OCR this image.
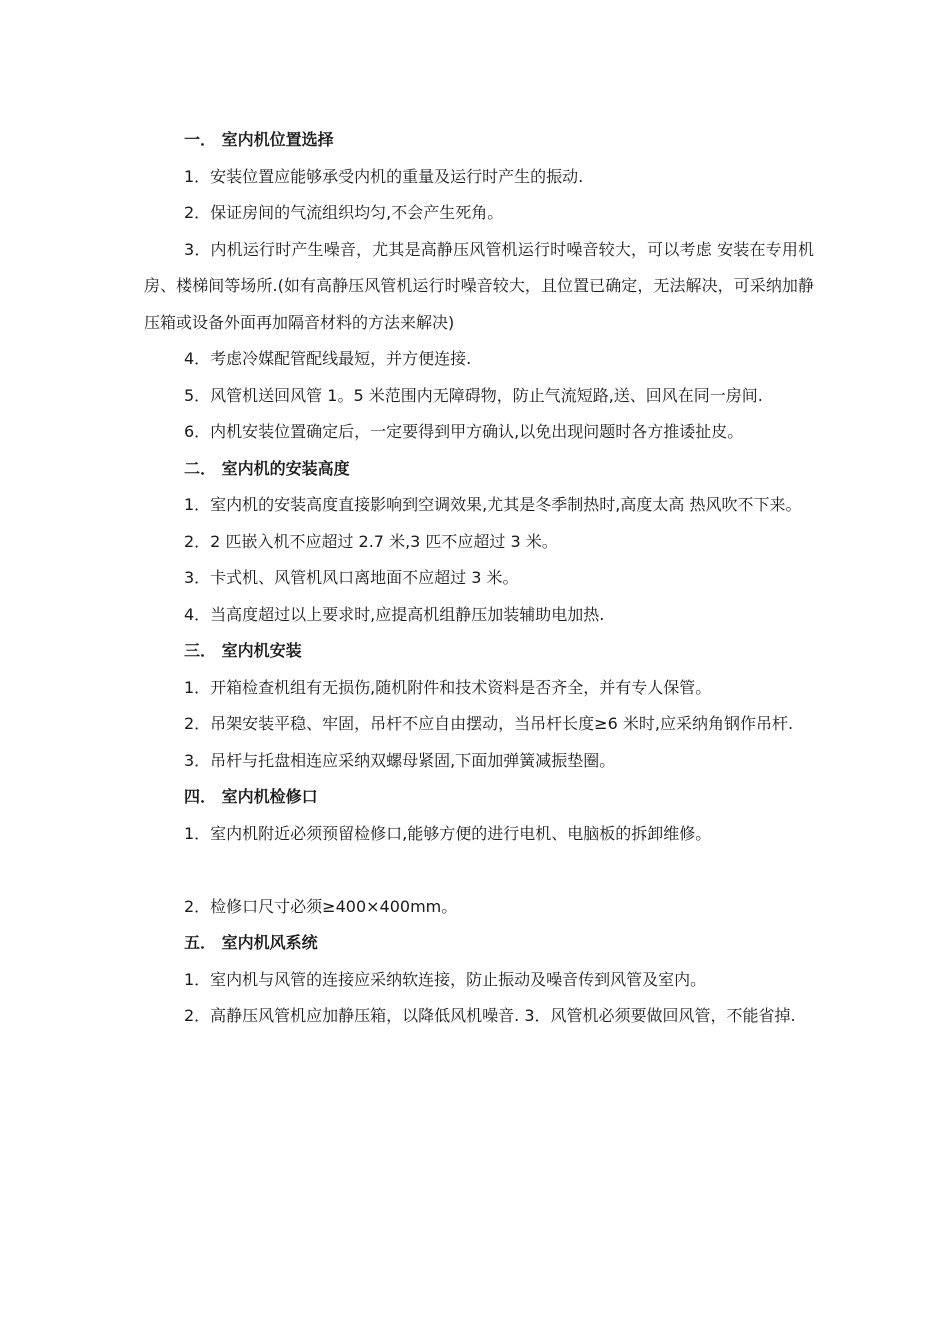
一． 室内机位置选择

1．安装位置应能够承受内机的重量及运行时产生的振动.

2．保证房间的气流组织均匀,不会产生死角。

3．内机运行时产生噪音，尤其是高静压风管机运行时噪音较大，可以考虑 安装在专用机房、楼梯间等场所.(如有高静压风管机运行时噪音较大，且位置已确定，无法解决，可采纳加静压箱或设备外面再加隔音材料的方法来解决)

4．考虑冷媒配管配线最短，并方便连接.

5．风管机送回风管 1。5 米范围内无障碍物，防止气流短路,送、回风在同一房间.

6．内机安装位置确定后，一定要得到甲方确认,以免出现问题时各方推诿扯皮。

二． 室内机的安装高度

1．室内机的安装高度直接影响到空调效果,尤其是冬季制热时,高度太高 热风吹不下来。

2．2 匹嵌入机不应超过 2.7 米,3 匹不应超过 3 米。

3．卡式机、风管机风口离地面不应超过 3 米。

4．当高度超过以上要求时,应提高机组静压加装辅助电加热.

三． 室内机安装

1．开箱检查机组有无损伤,随机附件和技术资料是否齐全，并有专人保管。

2．吊架安装平稳、牢固，吊杆不应自由摆动，当吊杆长度≥6 米时,应采纳角钢作吊杆.

3．吊杆与托盘相连应采纳双螺母紧固,下面加弹簧减振垫圈。

四． 室内机检修口

1．室内机附近必须预留检修口,能够方便的进行电机、电脑板的拆卸维修。

2．检修口尺寸必须≥400×400mm。

五． 室内机风系统

1．室内机与风管的连接应采纳软连接，防止振动及噪音传到风管及室内。

2．高静压风管机应加静压箱，以降低风机噪音. 3．风管机必须要做回风管，不能省掉.
